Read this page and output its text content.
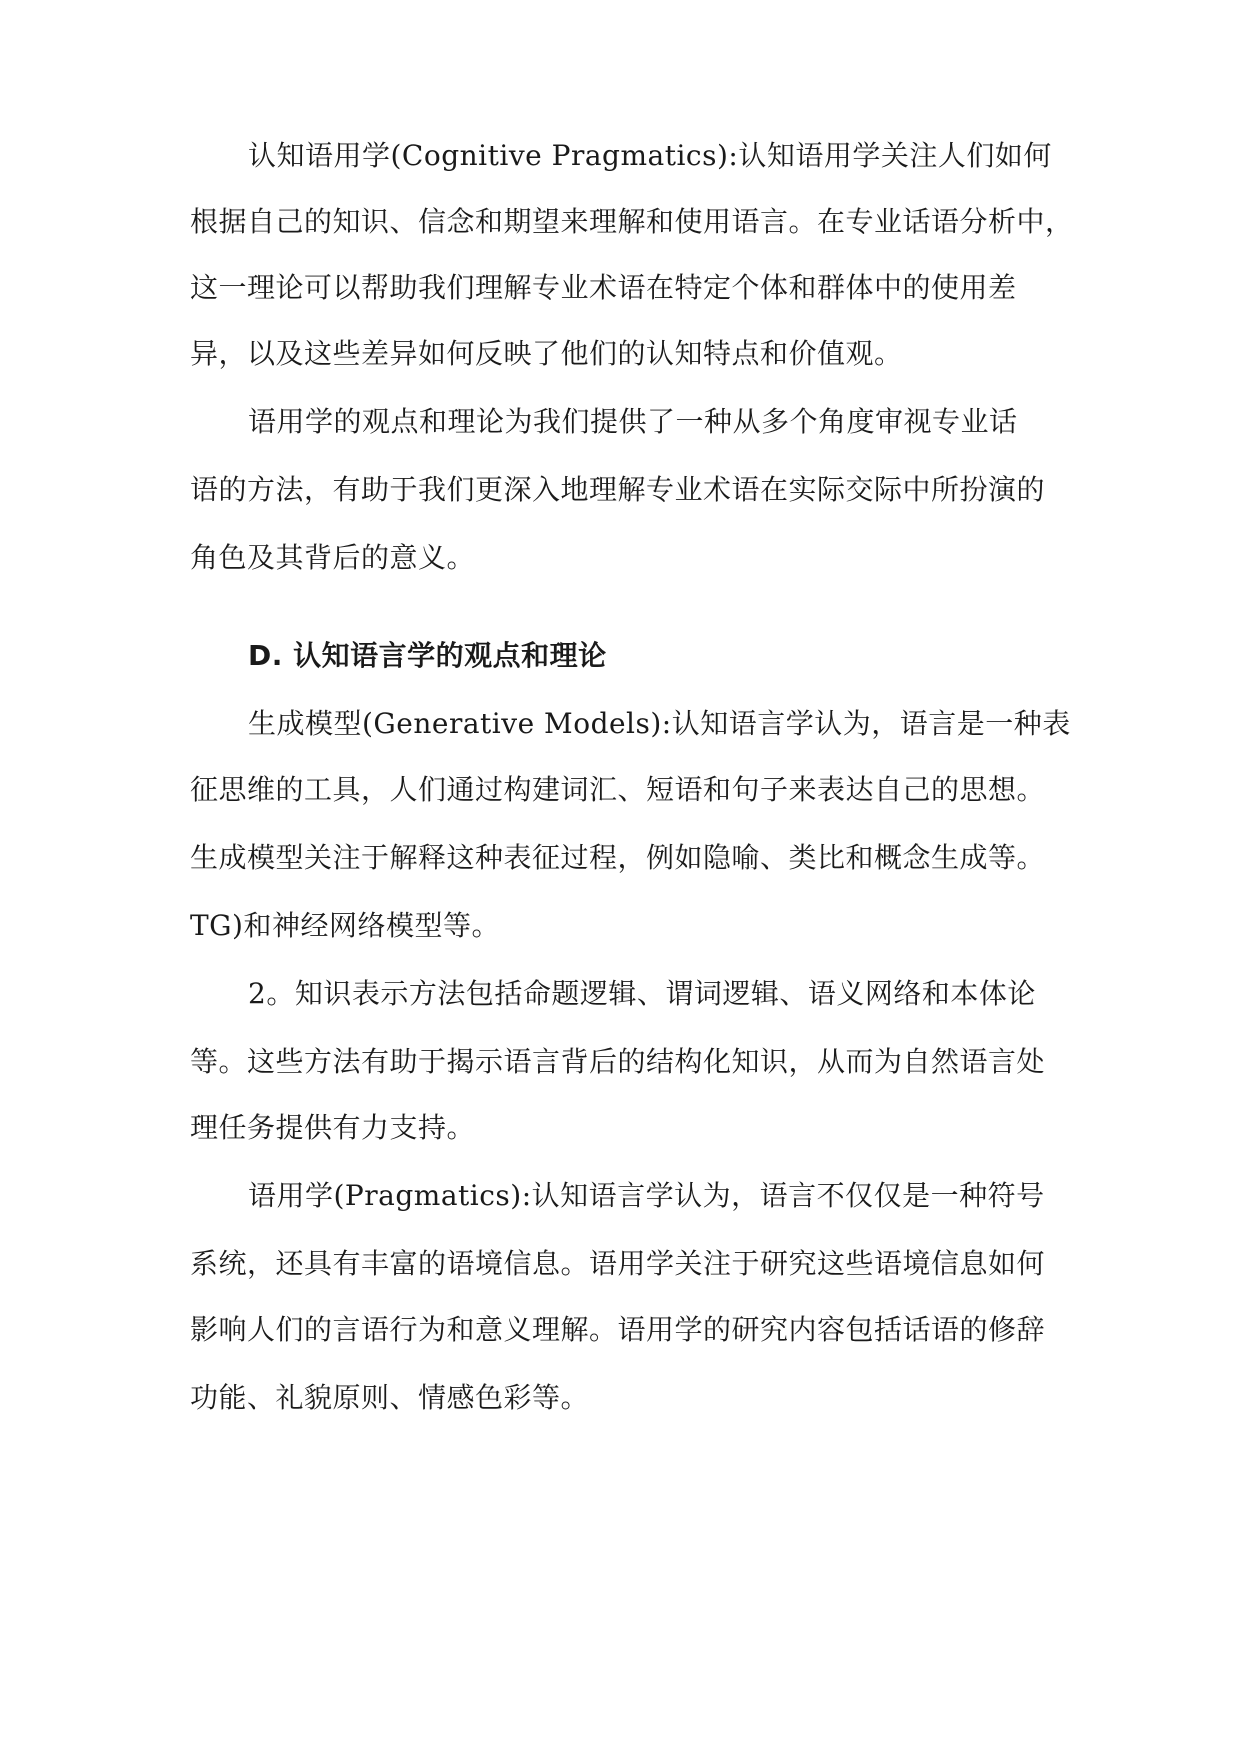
认知语用学(Cognitive Pragmatics):认知语用学关注人们如何
根据自己的知识、信念和期望来理解和使用语言。在专业话语分析中，
这一理论可以帮助我们理解专业术语在特定个体和群体中的使用差
异，以及这些差异如何反映了他们的认知特点和价值观。
语用学的观点和理论为我们提供了一种从多个角度审视专业话
语的方法，有助于我们更深入地理解专业术语在实际交际中所扮演的
角色及其背后的意义。
D. 认知语言学的观点和理论
生成模型(Generative Models):认知语言学认为，语言是一种表
征思维的工具，人们通过构建词汇、短语和句子来表达自己的思想。
生成模型关注于解释这种表征过程，例如隐喻、类比和概念生成等。
TG)和神经网络模型等。
2。知识表示方法包括命题逻辑、谓词逻辑、语义网络和本体论
等。这些方法有助于揭示语言背后的结构化知识，从而为自然语言处
理任务提供有力支持。
语用学(Pragmatics):认知语言学认为，语言不仅仅是一种符号
系统，还具有丰富的语境信息。语用学关注于研究这些语境信息如何
影响人们的言语行为和意义理解。语用学的研究内容包括话语的修辞
功能、礼貌原则、情感色彩等。
